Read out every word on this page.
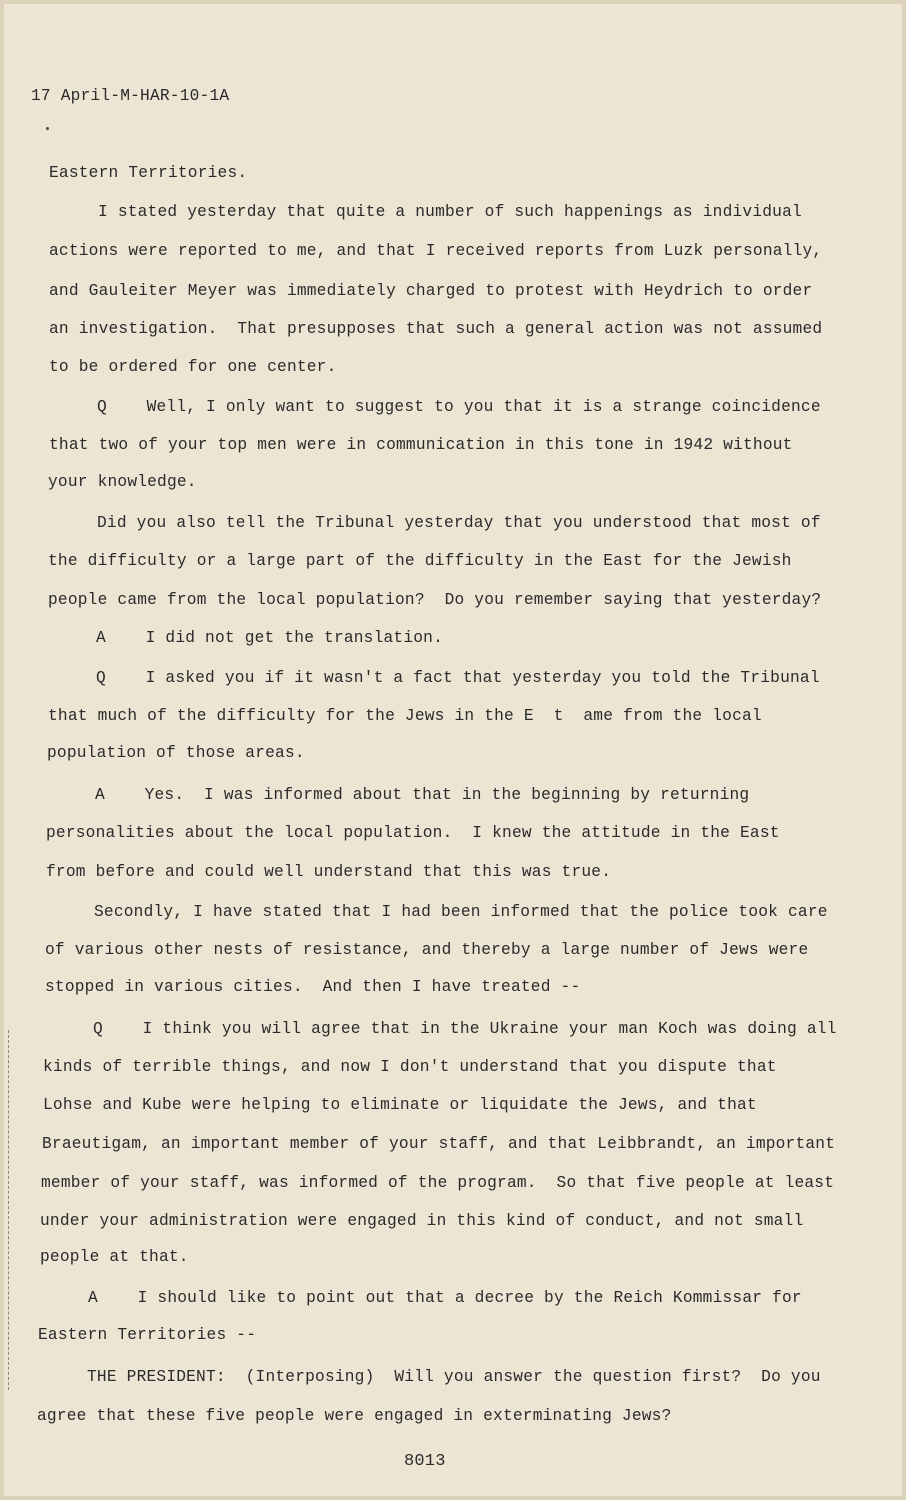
17 April-M-HAR-10-1A
Eastern Territories.
I stated yesterday that quite a number of such happenings as individual
actions were reported to me, and that I received reports from Luzk personally,
and Gauleiter Meyer was immediately charged to protest with Heydrich to order
an investigation.  That presupposes that such a general action was not assumed
to be ordered for one center.
Q    Well, I only want to suggest to you that it is a strange coincidence
that two of your top men were in communication in this tone in 1942 without
your knowledge.
Did you also tell the Tribunal yesterday that you understood that most of
the difficulty or a large part of the difficulty in the East for the Jewish
people came from the local population?  Do you remember saying that yesterday?
A    I did not get the translation.
Q    I asked you if it wasn't a fact that yesterday you told the Tribunal
that much of the difficulty for the Jews in the E  t  ame from the local
population of those areas.
A    Yes.  I was informed about that in the beginning by returning
personalities about the local population.  I knew the attitude in the East
from before and could well understand that this was true.
Secondly, I have stated that I had been informed that the police took care
of various other nests of resistance, and thereby a large number of Jews were
stopped in various cities.  And then I have treated --
Q    I think you will agree that in the Ukraine your man Koch was doing all
kinds of terrible things, and now I don't understand that you dispute that
Lohse and Kube were helping to eliminate or liquidate the Jews, and that
Braeutigam, an important member of your staff, and that Leibbrandt, an important
member of your staff, was informed of the program.  So that five people at least
under your administration were engaged in this kind of conduct, and not small
people at that.
A    I should like to point out that a decree by the Reich Kommissar for
Eastern Territories --
THE PRESIDENT:  (Interposing)  Will you answer the question first?  Do you
agree that these five people were engaged in exterminating Jews?
8013
